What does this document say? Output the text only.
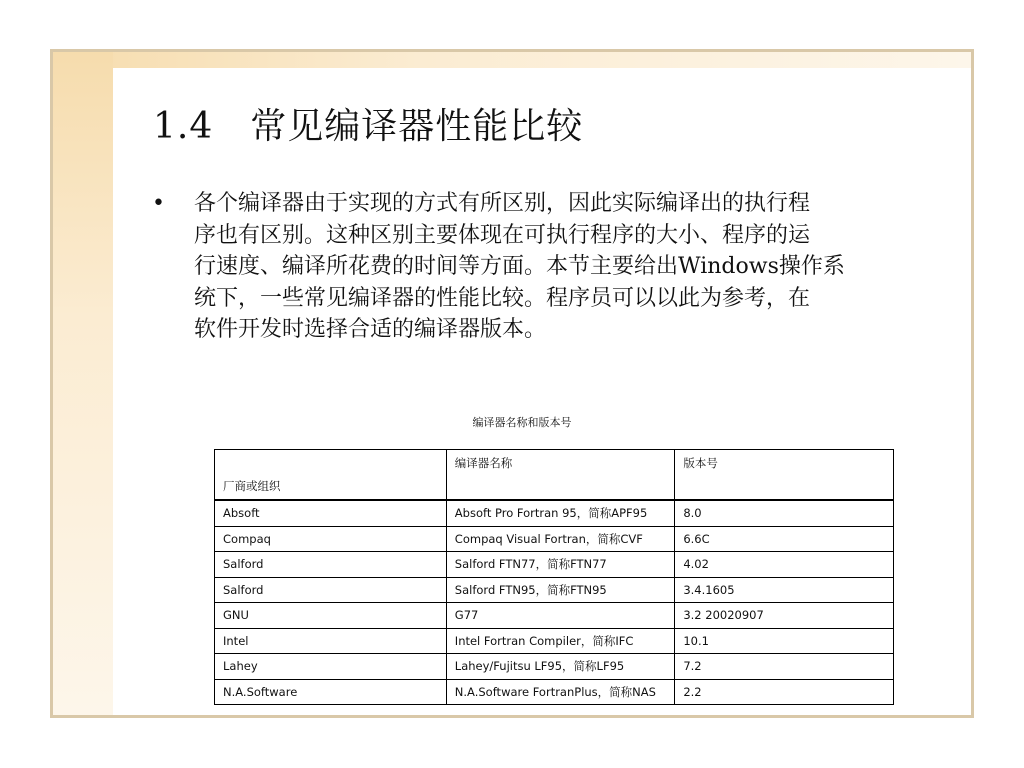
1.4　常见编译器性能比较
•	各个编译器由于实现的方式有所区别，因此实际编译出的执行程
序也有区别。这种区别主要体现在可执行程序的大小、程序的运
行速度、编译所花费的时间等方面。本节主要给出Windows操作系
统下，一些常见编译器的性能比较。程序员可以以此为参考，在
软件开发时选择合适的编译器版本。
编译器名称和版本号
厂商或组织	编译器名称	版本号
Absoft	Absoft Pro Fortran 95，简称APF95	8.0
Compaq	Compaq Visual Fortran，简称CVF	6.6C
Salford	Salford FTN77，简称FTN77	4.02
Salford	Salford FTN95，简称FTN95	3.4.1605
GNU	G77	3.2 20020907
Intel	Intel Fortran Compiler，简称IFC	10.1
Lahey	Lahey/Fujitsu LF95，简称LF95	7.2
N.A.Software	N.A.Software FortranPlus，简称NAS	2.2
